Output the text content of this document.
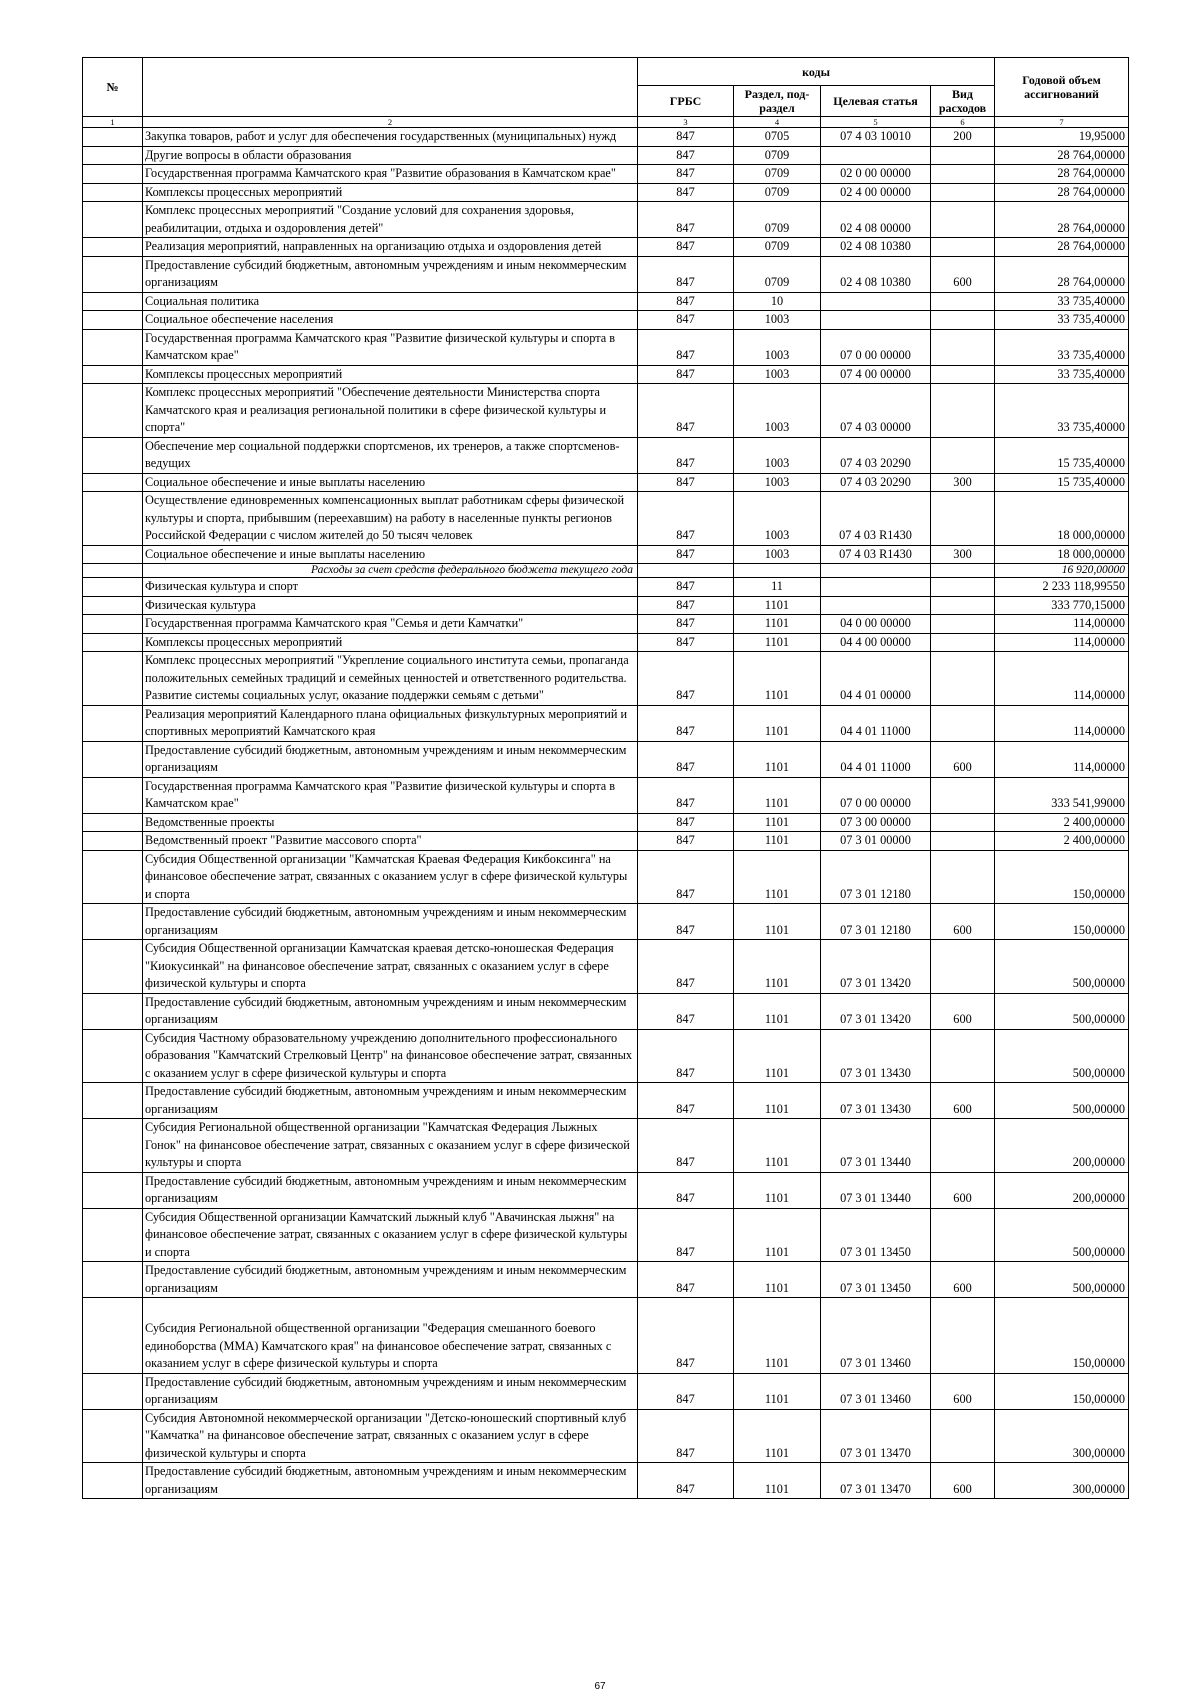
№		коды				Годовой объем ассигнований
		ГРБС	Раздел, под-раздел	Целевая статья	Вид расходов	
1	2	3	4	5	6	7
	Закупка товаров, работ и услуг для обеспечения государственных (муниципальных) нужд	847	0705	07 4 03 10010	200	19,95000
	Другие вопросы в области образования	847	0709			28 764,00000
	Государственная программа Камчатского края "Развитие образования в Камчатском крае"	847	0709	02 0 00 00000		28 764,00000
	Комплексы процессных мероприятий	847	0709	02 4 00 00000		28 764,00000
	Комплекс процессных мероприятий "Создание условий для сохранения здоровья, реабилитации, отдыха и оздоровления детей"	847	0709	02 4 08 00000		28 764,00000
	Реализация мероприятий, направленных на организацию отдыха и оздоровления детей	847	0709	02 4 08 10380		28 764,00000
	Предоставление субсидий бюджетным, автономным учреждениям и иным некоммерческим организациям	847	0709	02 4 08 10380	600	28 764,00000
	Социальная политика	847	10			33 735,40000
	Социальное обеспечение населения	847	1003			33 735,40000
	Государственная программа Камчатского края "Развитие физической культуры и спорта в Камчатском крае"	847	1003	07 0 00 00000		33 735,40000
	Комплексы процессных мероприятий	847	1003	07 4 00 00000		33 735,40000
	Комплекс процессных мероприятий "Обеспечение деятельности Министерства спорта Камчатского края и реализация региональной политики в сфере физической культуры и спорта"	847	1003	07 4 03 00000		33 735,40000
	Обеспечение мер социальной поддержки спортсменов, их тренеров, а также спортсменов-ведущих	847	1003	07 4 03 20290		15 735,40000
	Социальное обеспечение и иные выплаты населению	847	1003	07 4 03 20290	300	15 735,40000
	Осуществление единовременных компенсационных выплат работникам сферы физической культуры и спорта, прибывшим (переехавшим) на работу в населенные пункты регионов Российской Федерации с числом жителей до 50 тысяч человек	847	1003	07 4 03 R1430		18 000,00000
	Социальное обеспечение и иные выплаты населению	847	1003	07 4 03 R1430	300	18 000,00000
	Расходы за счет средств федерального бюджета текущего года					16 920,00000
	Физическая культура и спорт	847	11			2 233 118,99550
	Физическая культура	847	1101			333 770,15000
	Государственная программа Камчатского края "Семья и дети Камчатки"	847	1101	04 0 00 00000		114,00000
	Комплексы процессных мероприятий	847	1101	04 4 00 00000		114,00000
	Комплекс процессных мероприятий "Укрепление социального института семьи, пропаганда положительных семейных традиций и семейных ценностей и ответственного родительства. Развитие системы социальных услуг, оказание поддержки семьям с детьми"	847	1101	04 4 01 00000		114,00000
	Реализация мероприятий Календарного плана официальных физкультурных мероприятий и спортивных мероприятий Камчатского края	847	1101	04 4 01 11000		114,00000
	Предоставление субсидий бюджетным, автономным учреждениям и иным некоммерческим организациям	847	1101	04 4 01 11000	600	114,00000
	Государственная программа Камчатского края "Развитие физической культуры и спорта в Камчатском крае"	847	1101	07 0 00 00000		333 541,99000
	Ведомственные проекты	847	1101	07 3 00 00000		2 400,00000
	Ведомственный проект "Развитие массового спорта"	847	1101	07 3 01 00000		2 400,00000
	Субсидия Общественной организации "Камчатская Краевая Федерация Кикбоксинга" на финансовое обеспечение затрат, связанных с оказанием услуг в сфере физической культуры и спорта	847	1101	07 3 01 12180		150,00000
	Предоставление субсидий бюджетным, автономным учреждениям и иным некоммерческим организациям	847	1101	07 3 01 12180	600	150,00000
	Субсидия Общественной организации Камчатская краевая детско-юношеская Федерация "Киокусинкай" на финансовое обеспечение затрат, связанных с оказанием услуг в сфере физической культуры и спорта	847	1101	07 3 01 13420		500,00000
	Предоставление субсидий бюджетным, автономным учреждениям и иным некоммерческим организациям	847	1101	07 3 01 13420	600	500,00000
	Субсидия Частному образовательному учреждению дополнительного профессионального образования "Камчатский Стрелковый Центр" на финансовое обеспечение затрат, связанных с оказанием услуг в сфере физической культуры и спорта	847	1101	07 3 01 13430		500,00000
	Предоставление субсидий бюджетным, автономным учреждениям и иным некоммерческим организациям	847	1101	07 3 01 13430	600	500,00000
	Субсидия Региональной общественной организации "Камчатская Федерация Лыжных Гонок" на финансовое обеспечение затрат, связанных с оказанием услуг в сфере физической культуры и спорта	847	1101	07 3 01 13440		200,00000
	Предоставление субсидий бюджетным, автономным учреждениям и иным некоммерческим организациям	847	1101	07 3 01 13440	600	200,00000
	Субсидия Общественной организации Камчатский лыжный клуб "Авачинская лыжня" на финансовое обеспечение затрат, связанных с оказанием услуг в сфере физической культуры и спорта	847	1101	07 3 01 13450		500,00000
	Предоставление субсидий бюджетным, автономным учреждениям и иным некоммерческим организациям	847	1101	07 3 01 13450	600	500,00000
	Субсидия Региональной общественной организации "Федерация смешанного боевого единоборства (ММА) Камчатского края" на финансовое обеспечение затрат, связанных с оказанием услуг в сфере физической культуры и спорта	847	1101	07 3 01 13460		150,00000
	Предоставление субсидий бюджетным, автономным учреждениям и иным некоммерческим организациям	847	1101	07 3 01 13460	600	150,00000
	Субсидия Автономной некоммерческой организации "Детско-юношеский спортивный клуб "Камчатка" на финансовое обеспечение затрат, связанных с оказанием услуг в сфере физической культуры и спорта	847	1101	07 3 01 13470		300,00000
	Предоставление субсидий бюджетным, автономным учреждениям и иным некоммерческим организациям	847	1101	07 3 01 13470	600	300,00000
67
